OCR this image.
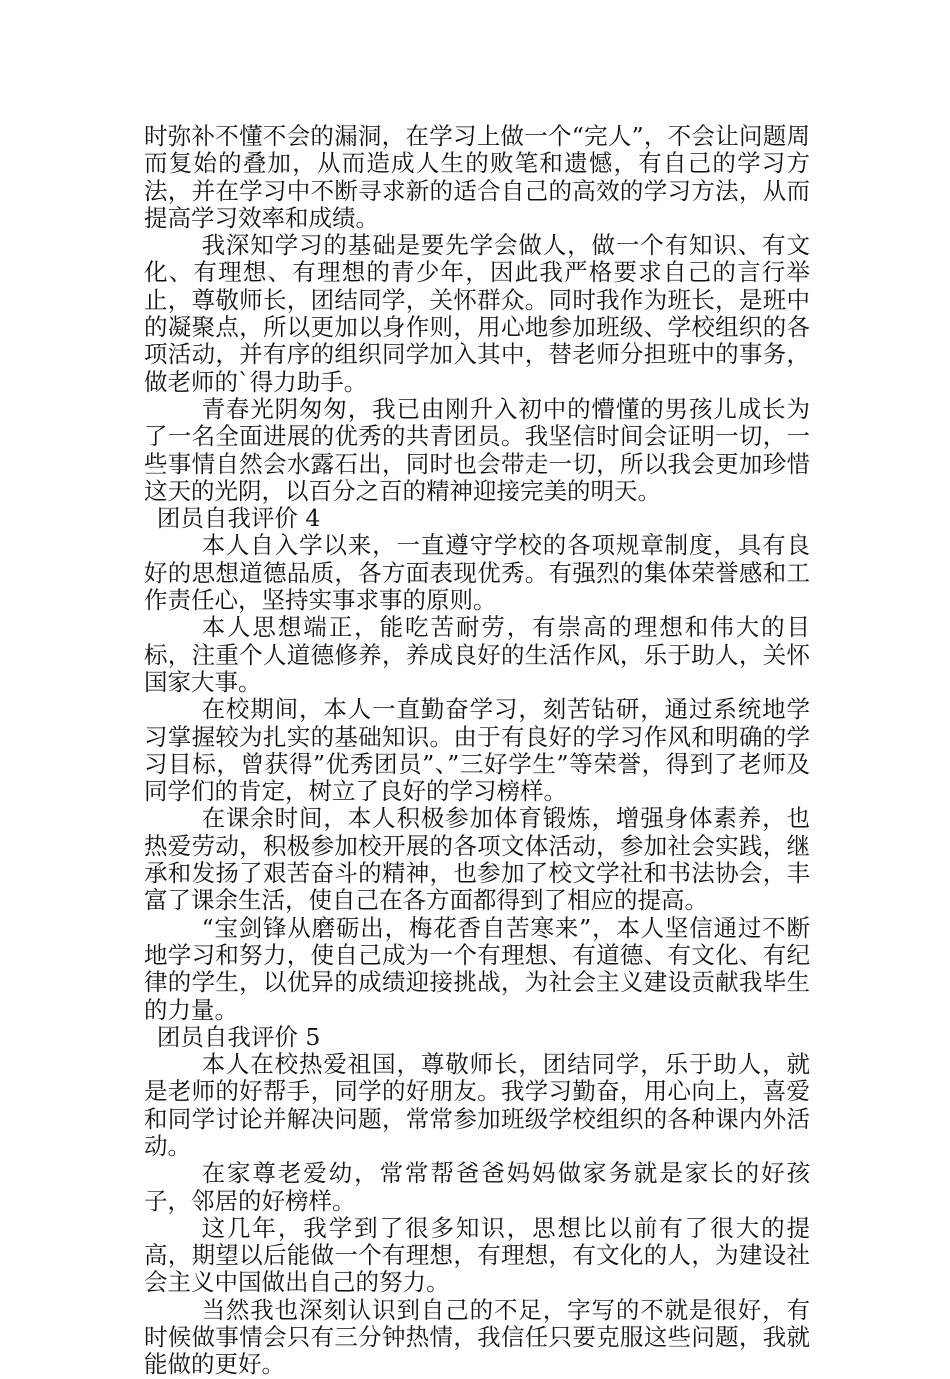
时弥补不懂不会的漏洞，在学习上做一个“完人”，不会让问题周而复始的叠加，从而造成人生的败笔和遗憾，有自己的学习方法，并在学习中不断寻求新的适合自己的高效的学习方法，从而提高学习效率和成绩。

我深知学习的基础是要先学会做人，做一个有知识、有文化、有理想、有理想的青少年，因此我严格要求自己的言行举止，尊敬师长，团结同学，关怀群众。同时我作为班长，是班中的凝聚点，所以更加以身作则，用心地参加班级、学校组织的各项活动，并有序的组织同学加入其中，替老师分担班中的事务，做老师的`得力助手。

青春光阴匆匆，我已由刚升入初中的懵懂的男孩儿成长为了一名全面进展的优秀的共青团员。我坚信时间会证明一切，一些事情自然会水露石出，同时也会带走一切，所以我会更加珍惜这天的光阴，以百分之百的精神迎接完美的明天。

团员自我评价 4

本人自入学以来，一直遵守学校的各项规章制度，具有良好的思想道德品质，各方面表现优秀。有强烈的集体荣誉感和工作责任心，坚持实事求事的原则。

本人思想端正，能吃苦耐劳，有崇高的理想和伟大的目标，注重个人道德修养，养成良好的生活作风，乐于助人，关怀国家大事。

在校期间，本人一直勤奋学习，刻苦钻研，通过系统地学习掌握较为扎实的基础知识。由于有良好的学习作风和明确的学习目标，曾获得”优秀团员”、”三好学生”等荣誉，得到了老师及同学们的肯定，树立了良好的学习榜样。

在课余时间，本人积极参加体育锻炼，增强身体素养，也热爱劳动，积极参加校开展的各项文体活动，参加社会实践，继承和发扬了艰苦奋斗的精神，也参加了校文学社和书法协会，丰富了课余生活，使自己在各方面都得到了相应的提高。

“宝剑锋从磨砺出，梅花香自苦寒来”，本人坚信通过不断地学习和努力，使自己成为一个有理想、有道德、有文化、有纪律的学生，以优异的成绩迎接挑战，为社会主义建设贡献我毕生的力量。

团员自我评价 5

本人在校热爱祖国，尊敬师长，团结同学，乐于助人，就是老师的好帮手，同学的好朋友。我学习勤奋，用心向上，喜爱和同学讨论并解决问题，常常参加班级学校组织的各种课内外活动。

在家尊老爱幼，常常帮爸爸妈妈做家务就是家长的好孩子，邻居的好榜样。

这几年，我学到了很多知识，思想比以前有了很大的提高，期望以后能做一个有理想，有理想，有文化的人，为建设社会主义中国做出自己的努力。

当然我也深刻认识到自己的不足，字写的不就是很好，有时候做事情会只有三分钟热情，我信任只要克服这些问题，我就能做的更好。
